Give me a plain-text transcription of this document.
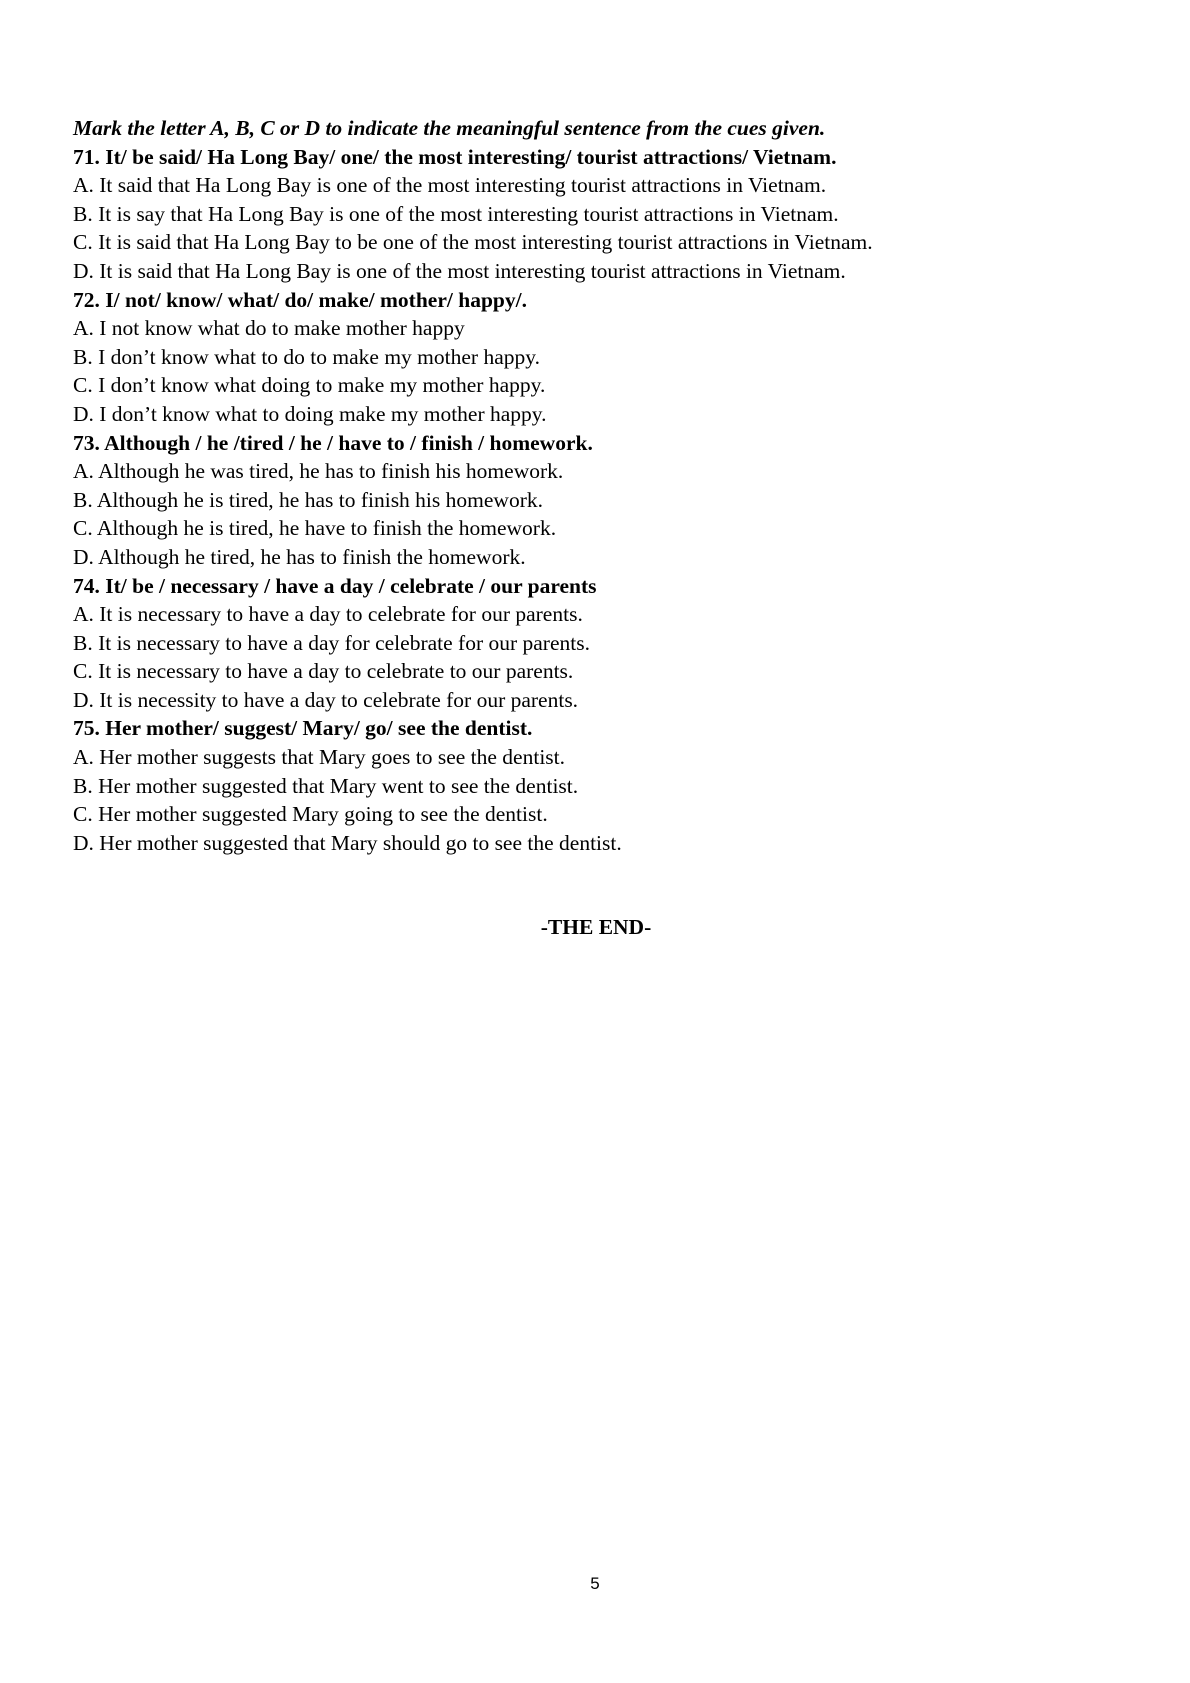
Mark the letter A, B, C or D to indicate the meaningful sentence from the cues given.
71. It/ be said/ Ha Long Bay/ one/ the most interesting/ tourist attractions/ Vietnam.
A. It said that Ha Long Bay is one of the most interesting tourist attractions in Vietnam.
B. It is say that Ha Long Bay is one of the most interesting tourist attractions in Vietnam.
C. It is said that Ha Long Bay to be one of the most interesting tourist attractions in Vietnam.
D. It is said that Ha Long Bay is one of the most interesting tourist attractions in Vietnam.
72. I/ not/ know/ what/ do/ make/ mother/ happy/.
A. I not know what do to make mother happy
B. I don’t know what to do to make my mother happy.
C. I don’t know what doing to make my mother happy.
D. I don’t know what to doing make my mother happy.
73. Although / he /tired / he / have to / finish / homework.
A. Although he was tired, he has to finish his homework.
B. Although he is tired, he has to finish his homework.
C. Although he is tired, he have to finish the homework.
D. Although he tired, he has to finish the homework.
74. It/ be / necessary / have a day / celebrate / our parents
A. It is necessary to have a day to celebrate for our parents.
B. It is necessary to have a day for celebrate for our parents.
C. It is necessary to have a day to celebrate to our parents.
D. It is necessity to have a day to celebrate for our parents.
75. Her mother/ suggest/ Mary/ go/ see the dentist.
A. Her mother suggests that Mary goes to see the dentist.
B. Her mother suggested that Mary went to see the dentist.
C. Her mother suggested Mary going to see the dentist.
D. Her mother suggested that Mary should go to see the dentist.
-THE END-
5
